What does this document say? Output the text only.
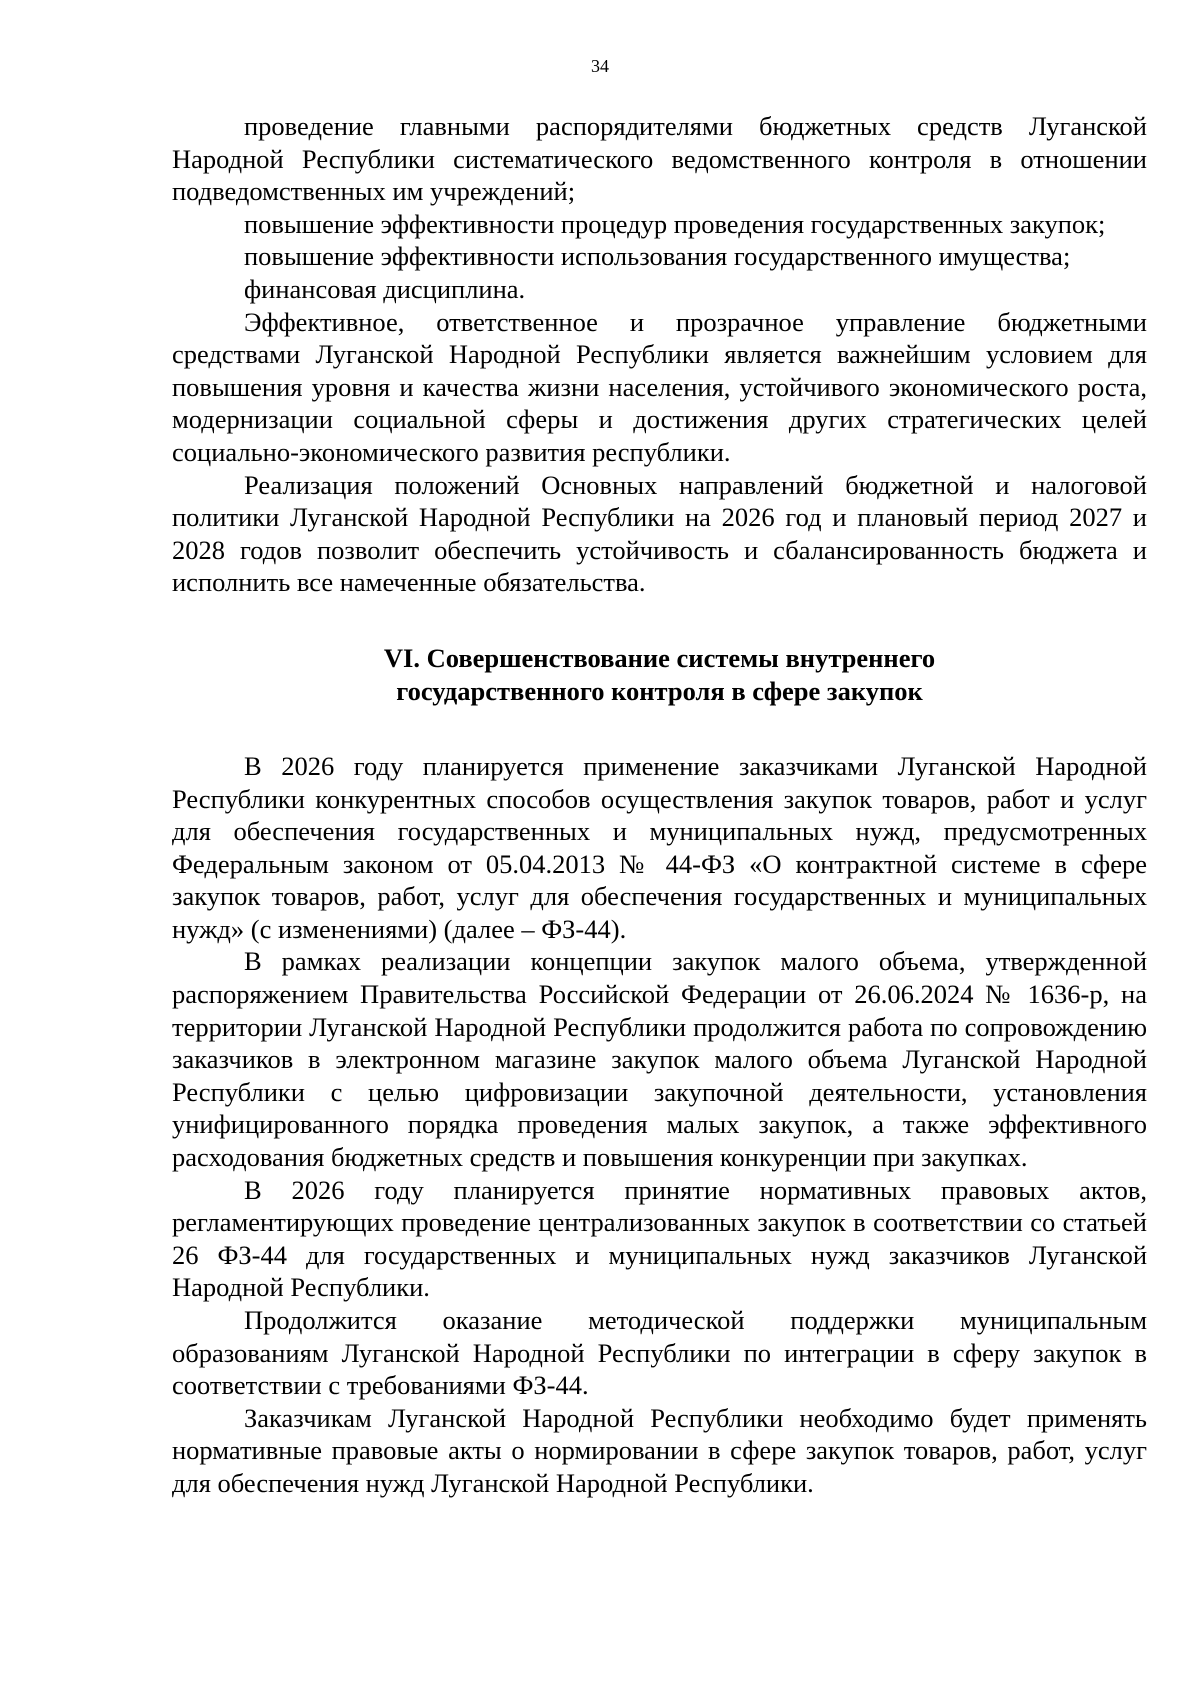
34

проведение главными распорядителями бюджетных средств Луганской Народной Республики систематического ведомственного контроля в отношении подведомственных им учреждений;

повышение эффективности процедур проведения государственных закупок;

повышение эффективности использования государственного имущества;

финансовая дисциплина.

Эффективное, ответственное и прозрачное управление бюджетными средствами Луганской Народной Республики является важнейшим условием для повышения уровня и качества жизни населения, устойчивого экономического роста, модернизации социальной сферы и достижения других стратегических целей социально-экономического развития республики.

Реализация положений Основных направлений бюджетной и налоговой политики Луганской Народной Республики на 2026 год и плановый период 2027 и 2028 годов позволит обеспечить устойчивость и сбалансированность бюджета и исполнить все намеченные обязательства.

VI. Совершенствование системы внутреннего
государственного контроля в сфере закупок

В 2026 году планируется применение заказчиками Луганской Народной Республики конкурентных способов осуществления закупок товаров, работ и услуг для обеспечения государственных и муниципальных нужд, предусмотренных Федеральным законом от 05.04.2013 № 44-ФЗ «О контрактной системе в сфере закупок товаров, работ, услуг для обеспечения государственных и муниципальных нужд» (с изменениями) (далее – ФЗ-44).

В рамках реализации концепции закупок малого объема, утвержденной распоряжением Правительства Российской Федерации от 26.06.2024 № 1636-р, на территории Луганской Народной Республики продолжится работа по сопровождению заказчиков в электронном магазине закупок малого объема Луганской Народной Республики с целью цифровизации закупочной деятельности, установления унифицированного порядка проведения малых закупок, а также эффективного расходования бюджетных средств и повышения конкуренции при закупках.

В 2026 году планируется принятие нормативных правовых актов, регламентирующих проведение централизованных закупок в соответствии со статьей 26 ФЗ-44 для государственных и муниципальных нужд заказчиков Луганской Народной Республики.

Продолжится оказание методической поддержки муниципальным образованиям Луганской Народной Республики по интеграции в сферу закупок в соответствии с требованиями ФЗ-44.

Заказчикам Луганской Народной Республики необходимо будет применять нормативные правовые акты о нормировании в сфере закупок товаров, работ, услуг для обеспечения нужд Луганской Народной Республики.
